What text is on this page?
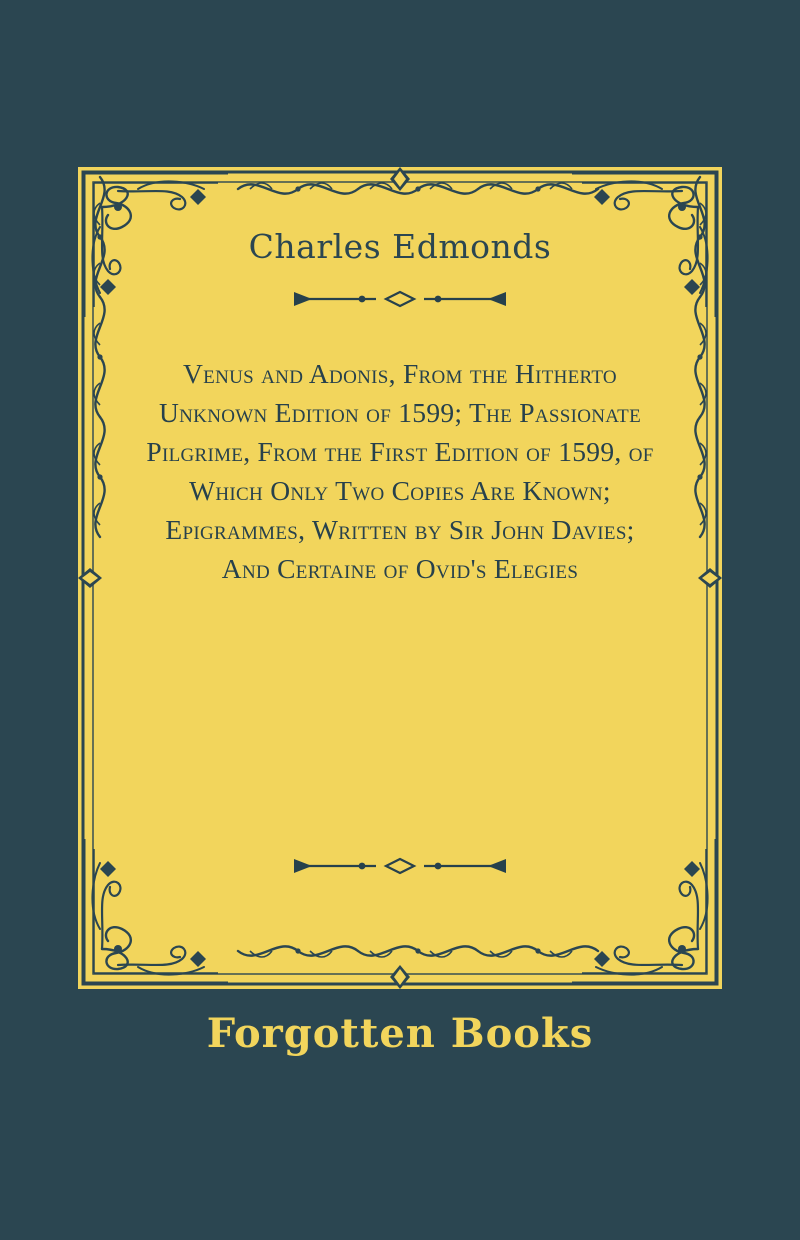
Charles Edmonds
Venus and Adonis, From the Hitherto Unknown Edition of 1599; The Passionate Pilgrime, From the First Edition of 1599, of Which Only Two Copies Are Known; Epigrammes, Written by Sir John Davies; And Certaine of Ovid's Elegies
Forgotten Books
